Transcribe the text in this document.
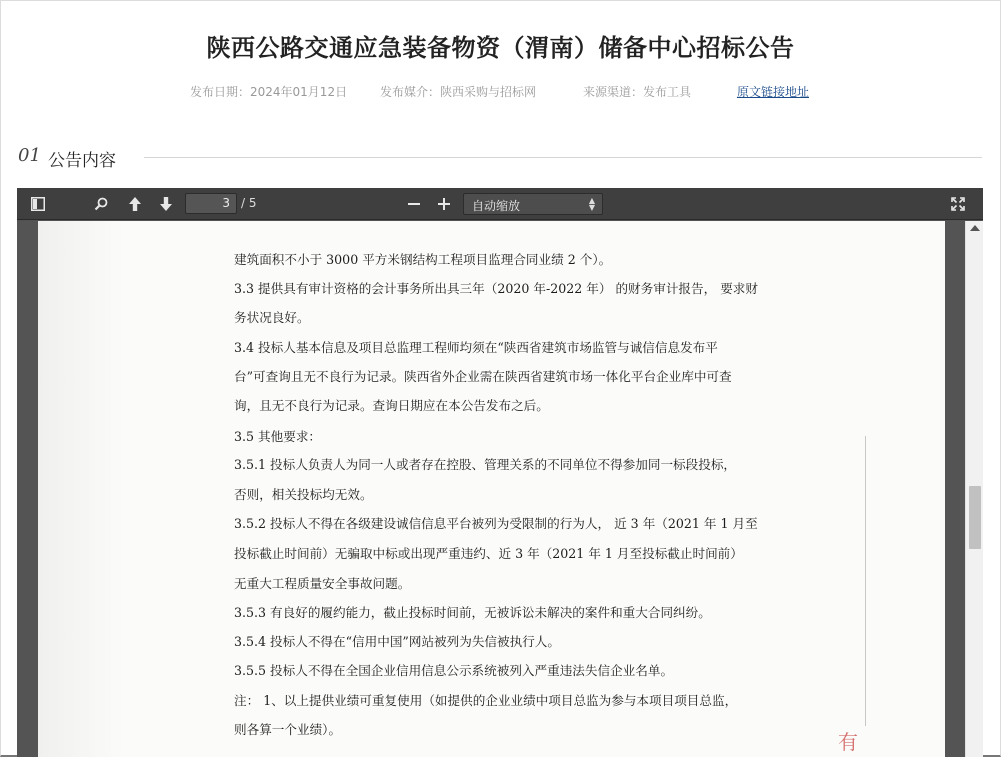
陕西公路交通应急装备物资（渭南）储备中心招标公告
发布日期：2024年01月12日	发布媒介：陕西采购与招标网	来源渠道：发布工具	原文链接地址
01 公告内容
3 / 5	自动缩放	▲
▼
建筑面积不小于 3000 平方米钢结构工程项目监理合同业绩 2 个）。
3.3 提供具有审计资格的会计事务所出具三年（2020 年-2022 年） 的财务审计报告， 要求财
务状况良好。
3.4 投标人基本信息及项目总监理工程师均须在“陕西省建筑市场监管与诚信信息发布平
台”可查询且无不良行为记录。陕西省外企业需在陕西省建筑市场一体化平台企业库中可查
询，且无不良行为记录。查询日期应在本公告发布之后。
3.5 其他要求：
3.5.1 投标人负责人为同一人或者存在控股、管理关系的不同单位不得参加同一标段投标，
否则，相关投标均无效。
3.5.2 投标人不得在各级建设诚信信息平台被列为受限制的行为人， 近 3 年（2021 年 1 月至
投标截止时间前）无骗取中标或出现严重违约、近 3 年（2021 年 1 月至投标截止时间前）
无重大工程质量安全事故问题。
3.5.3 有良好的履约能力，截止投标时间前，无被诉讼未解决的案件和重大合同纠纷。
3.5.4 投标人不得在“信用中国”网站被列为失信被执行人。
3.5.5 投标人不得在全国企业信用信息公示系统被列入严重违法失信企业名单。
注： 1、以上提供业绩可重复使用（如提供的企业业绩中项目总监为参与本项目项目总监，
则各算一个业绩）。
有
